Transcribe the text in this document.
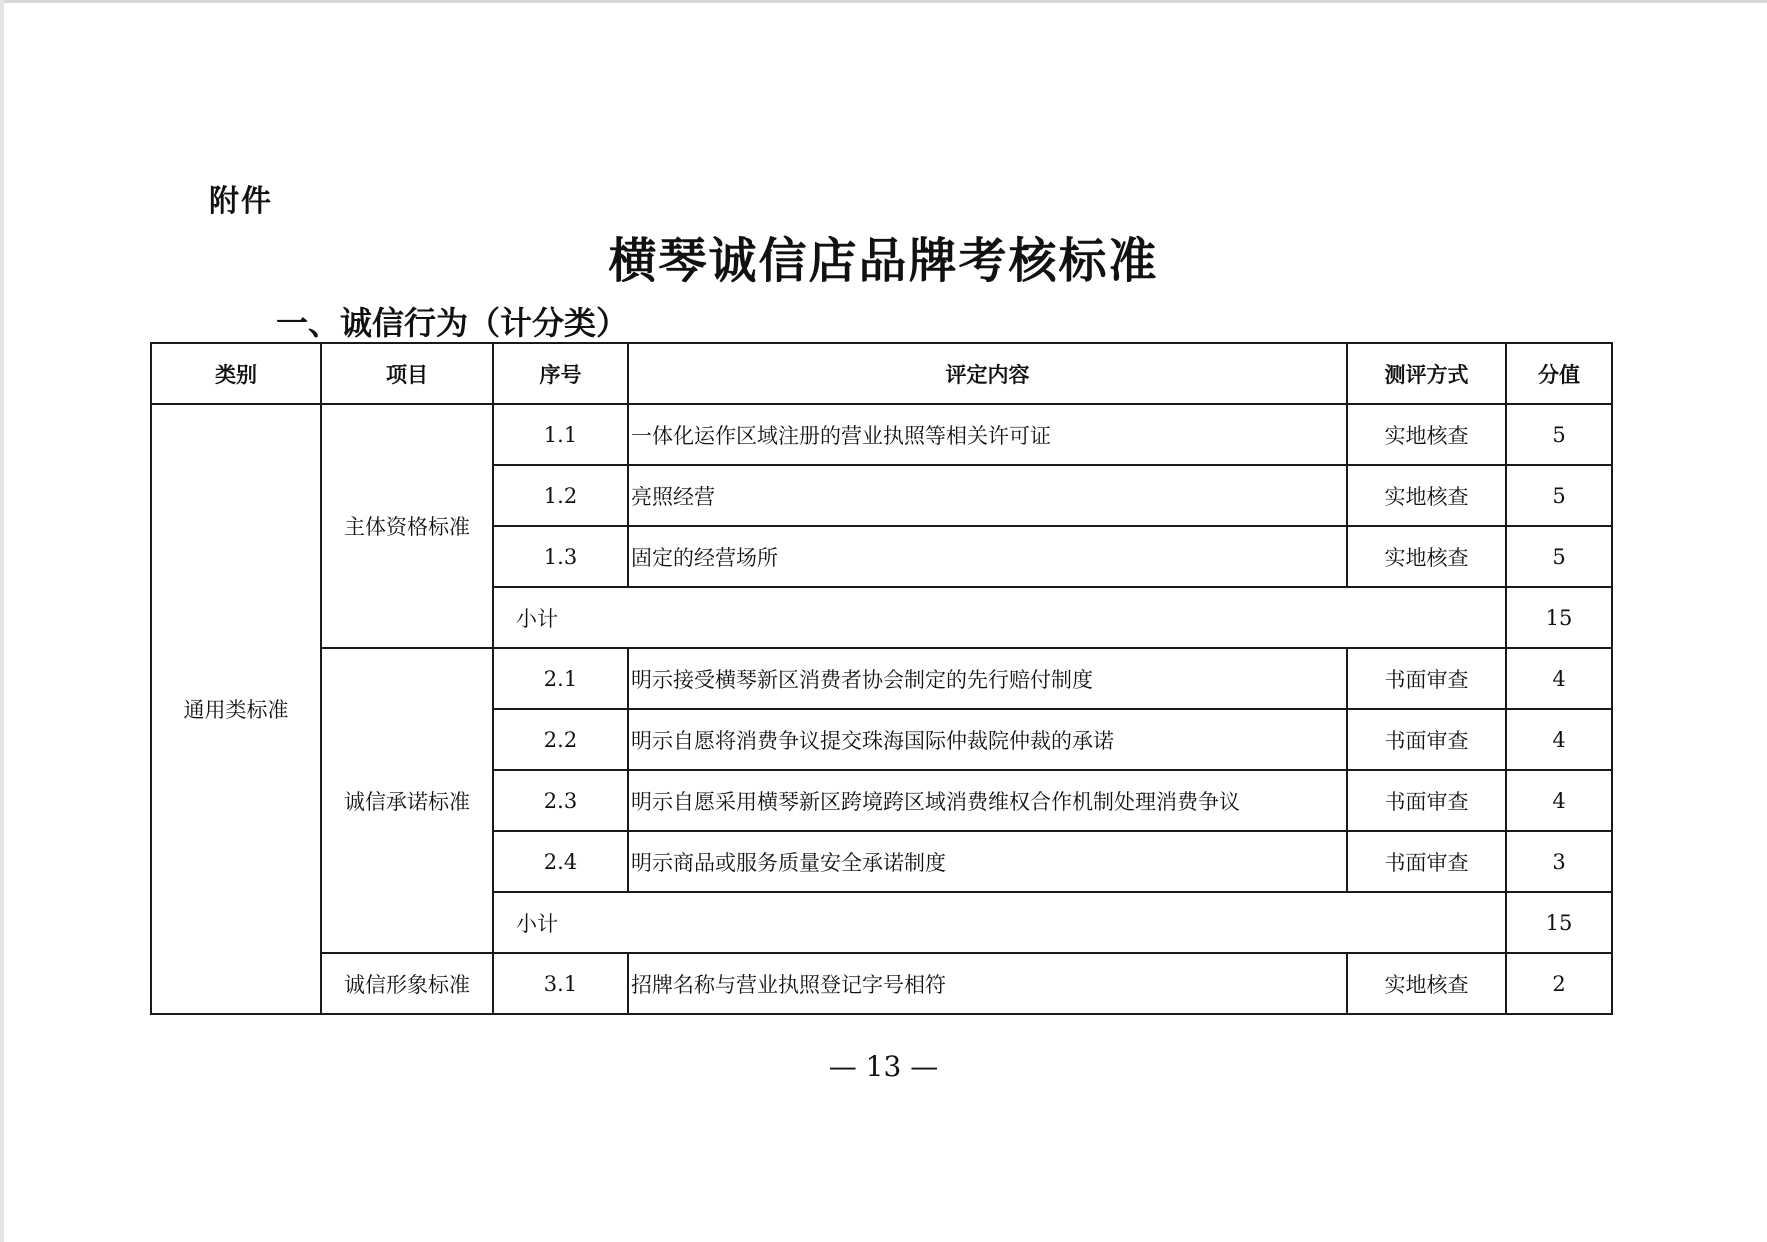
附件
横琴诚信店品牌考核标准
一、诚信行为（计分类）
类别	项目	序号	评定内容	测评方式	分值
通用类标准	主体资格标准	1.1	一体化运作区域注册的营业执照等相关许可证	实地核查	5
		1.2	亮照经营	实地核查	5
		1.3	固定的经营场所	实地核查	5
		小计			15
	诚信承诺标准	2.1	明示接受横琴新区消费者协会制定的先行赔付制度	书面审查	4
		2.2	明示自愿将消费争议提交珠海国际仲裁院仲裁的承诺	书面审查	4
		2.3	明示自愿采用横琴新区跨境跨区域消费维权合作机制处理消费争议	书面审查	4
		2.4	明示商品或服务质量安全承诺制度	书面审查	3
		小计			15
	诚信形象标准	3.1	招牌名称与营业执照登记字号相符	实地核查	2
— 13 —
